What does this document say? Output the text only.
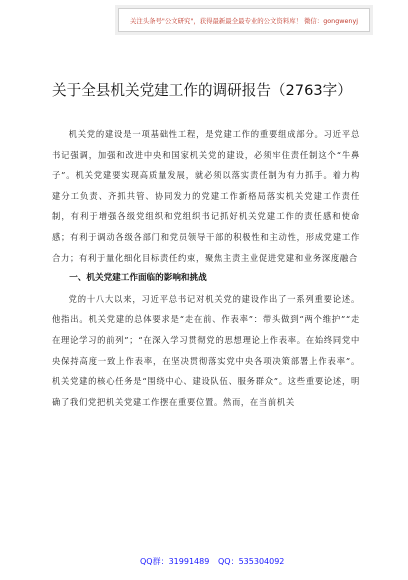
关注头条号"公文研究"，获得最新最全最专业的公文资料库！ 微信：gongwenyj
关于全县机关党建工作的调研报告（2763字）

机关党的建设是一项基础性工程，是党建工作的重要组成部分。习近平总书记强调，加强和改进中央和国家机关党的建设，必须牢住责任制这个“牛鼻子”。机关党建要实现高质量发展，就必须以落实责任制为有力抓手。着力构建分工负责、齐抓共管、协同发力的党建工作新格局落实机关党建工作责任制，有利于增强各级党组织和党组织书记抓好机关党建工作的责任感和使命感；有利于调动各级各部门和党员领导干部的积极性和主动性，形成党建工作合力；有利于量化细化目标责任约束，聚焦主责主业促进党建和业务深度融合

一、机关党建工作面临的影响和挑战

党的十八大以来，习近平总书记对机关党的建设作出了一系列重要论述。他指出。机关党建的总体要求是“走在前、作表率”：带头做到“两个维护”“走在理论学习的前列”；“在深入学习贯彻党的思想理论上作表率。在始终同党中央保持高度一致上作表率，在坚决贯彻落实党中央各项决策部署上作表率”。机关党建的核心任务是“围绕中心、建设队伍、服务群众”。这些重要论述，明确了我们党把机关党建工作摆在重要位置。然而，在当前机关

QQ群：31991489 QQ：535304092
